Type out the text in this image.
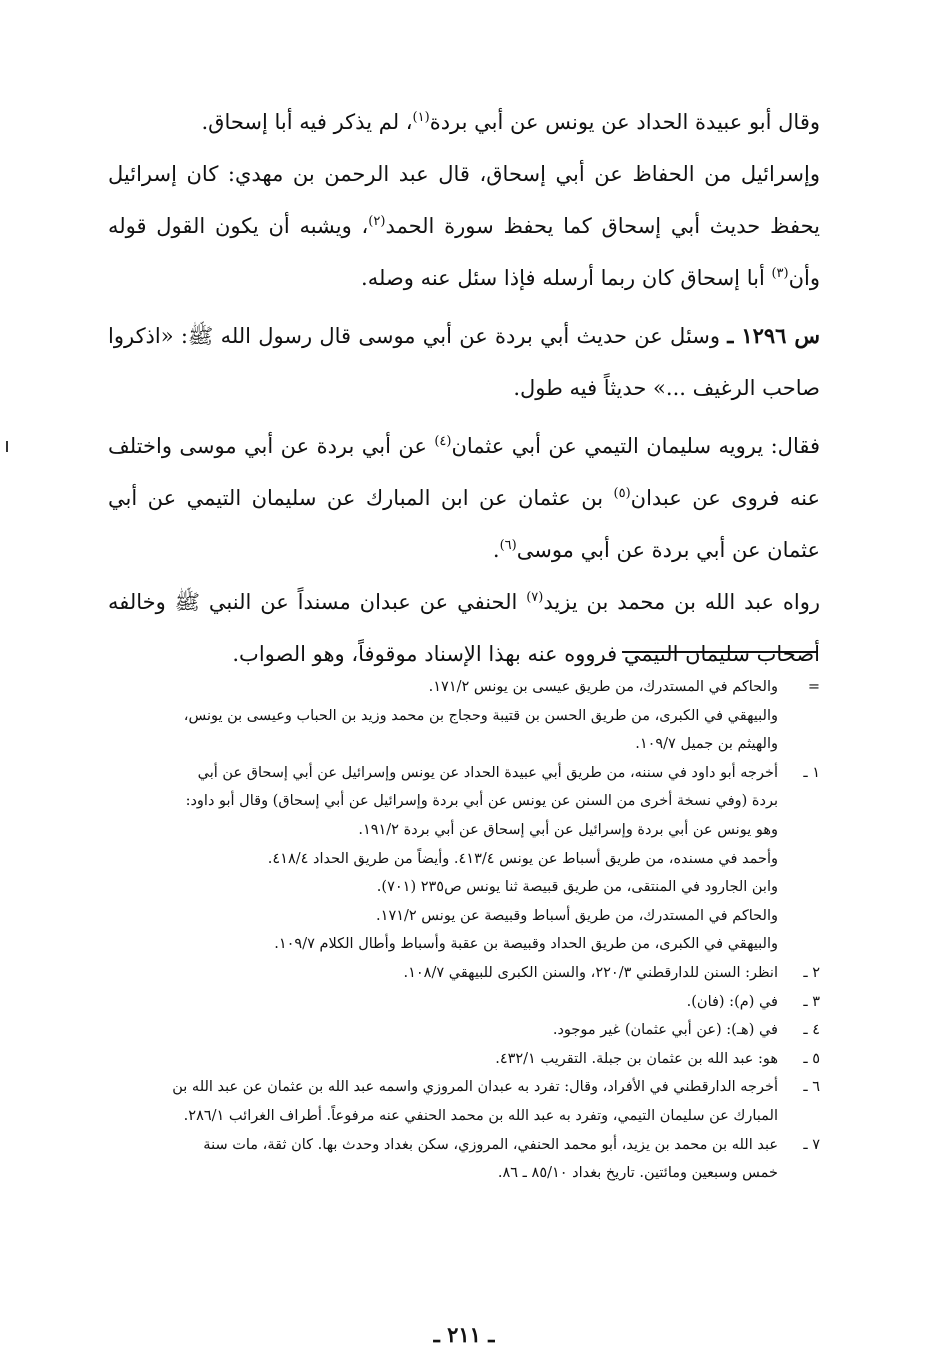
وقال أبو عبيدة الحداد عن يونس عن أبي بردة$^{(١)}$، لم يذكر فيه أبا إسحاق.

وإسرائيل من الحفاظ عن أبي إسحاق، قال عبد الرحمن بن مهدي: كان إسرائيل يحفظ حديث أبي إسحاق كما يحفظ سورة الحمد$^{(٢)}$، ويشبه أن يكون القول قوله وأن$^{(٣)}$ أبا إسحاق كان ربما أرسله فإذا سئل عنه وصله.

س ١٢٩٦ ـ وسئل عن حديث أبي بردة عن أبي موسى قال رسول الله ﷺ: «اذكروا صاحب الرغيف ...» حديثاً فيه طول.

فقال: يرويه سليمان التيمي عن أبي عثمان$^{(٤)}$ عن أبي بردة عن أبي موسى واختلف عنه فروى عن عبدان$^{(٥)}$ بن عثمان عن ابن المبارك عن سليمان التيمي عن أبي عثمان عن أبي بردة عن أبي موسى$^{(٦)}$.

رواه عبد الله بن محمد بن يزيد$^{(٧)}$ الحنفي عن عبدان مسنداً عن النبي ﷺ وخالفه أصحاب سليمان التيمي فرووه عنه بهذا الإسناد موقوفاً، وهو الصواب.

=
والحاكم في المستدرك، من طريق عيسى بن يونس ١٧١/٢.
والبيهقي في الكبرى، من طريق الحسن بن قتيبة وحجاج بن محمد وزيد بن الحباب وعيسى بن يونس،
والهيثم بن جميل ١٠٩/٧.
١ ـ
أخرجه أبو داود في سننه، من طريق أبي عبيدة الحداد عن يونس وإسرائيل عن أبي إسحاق عن أبي
بردة (وفي نسخة أخرى من السنن عن يونس عن أبي بردة وإسرائيل عن أبي إسحاق) وقال أبو داود:
وهو يونس عن أبي بردة وإسرائيل عن أبي إسحاق عن أبي بردة ١٩١/٢.
وأحمد في مسنده، من طريق أسباط عن يونس ٤١٣/٤. وأيضاً من طريق الحداد ٤١٨/٤.
وابن الجارود في المنتقى، من طريق قبيصة ثنا يونس ص٢٣٥ (٧٠١).
والحاكم في المستدرك، من طريق أسباط وقبيصة عن يونس ١٧١/٢.
والبيهقي في الكبرى، من طريق الحداد وقبيصة بن عقبة وأسباط وأطال الكلام ١٠٩/٧.
٢ ـ
انظر: السنن للدارقطني ٢٢٠/٣، والسنن الكبرى للبيهقي ١٠٨/٧.
٣ ـ
في (م): (فان).
٤ ـ
في (هـ): (عن أبي عثمان) غير موجود.
٥ ـ
هو: عبد الله بن عثمان بن جبلة. التقريب ٤٣٢/١.
٦ ـ
أخرجه الدارقطني في الأفراد، وقال: تفرد به عبدان المروزي واسمه عبد الله بن عثمان عن عبد الله بن
المبارك عن سليمان التيمي، وتفرد به عبد الله بن محمد الحنفي عنه مرفوعاً. أطراف الغرائب ٢٨٦/١.
٧ ـ
عبد الله بن محمد بن يزيد، أبو محمد الحنفي، المروزي، سكن بغداد وحدث بها. كان ثقة، مات سنة
خمس وسبعين ومائتين. تاريخ بغداد ٨٥/١٠ ـ ٨٦.
ـ ٢١١ ـ
